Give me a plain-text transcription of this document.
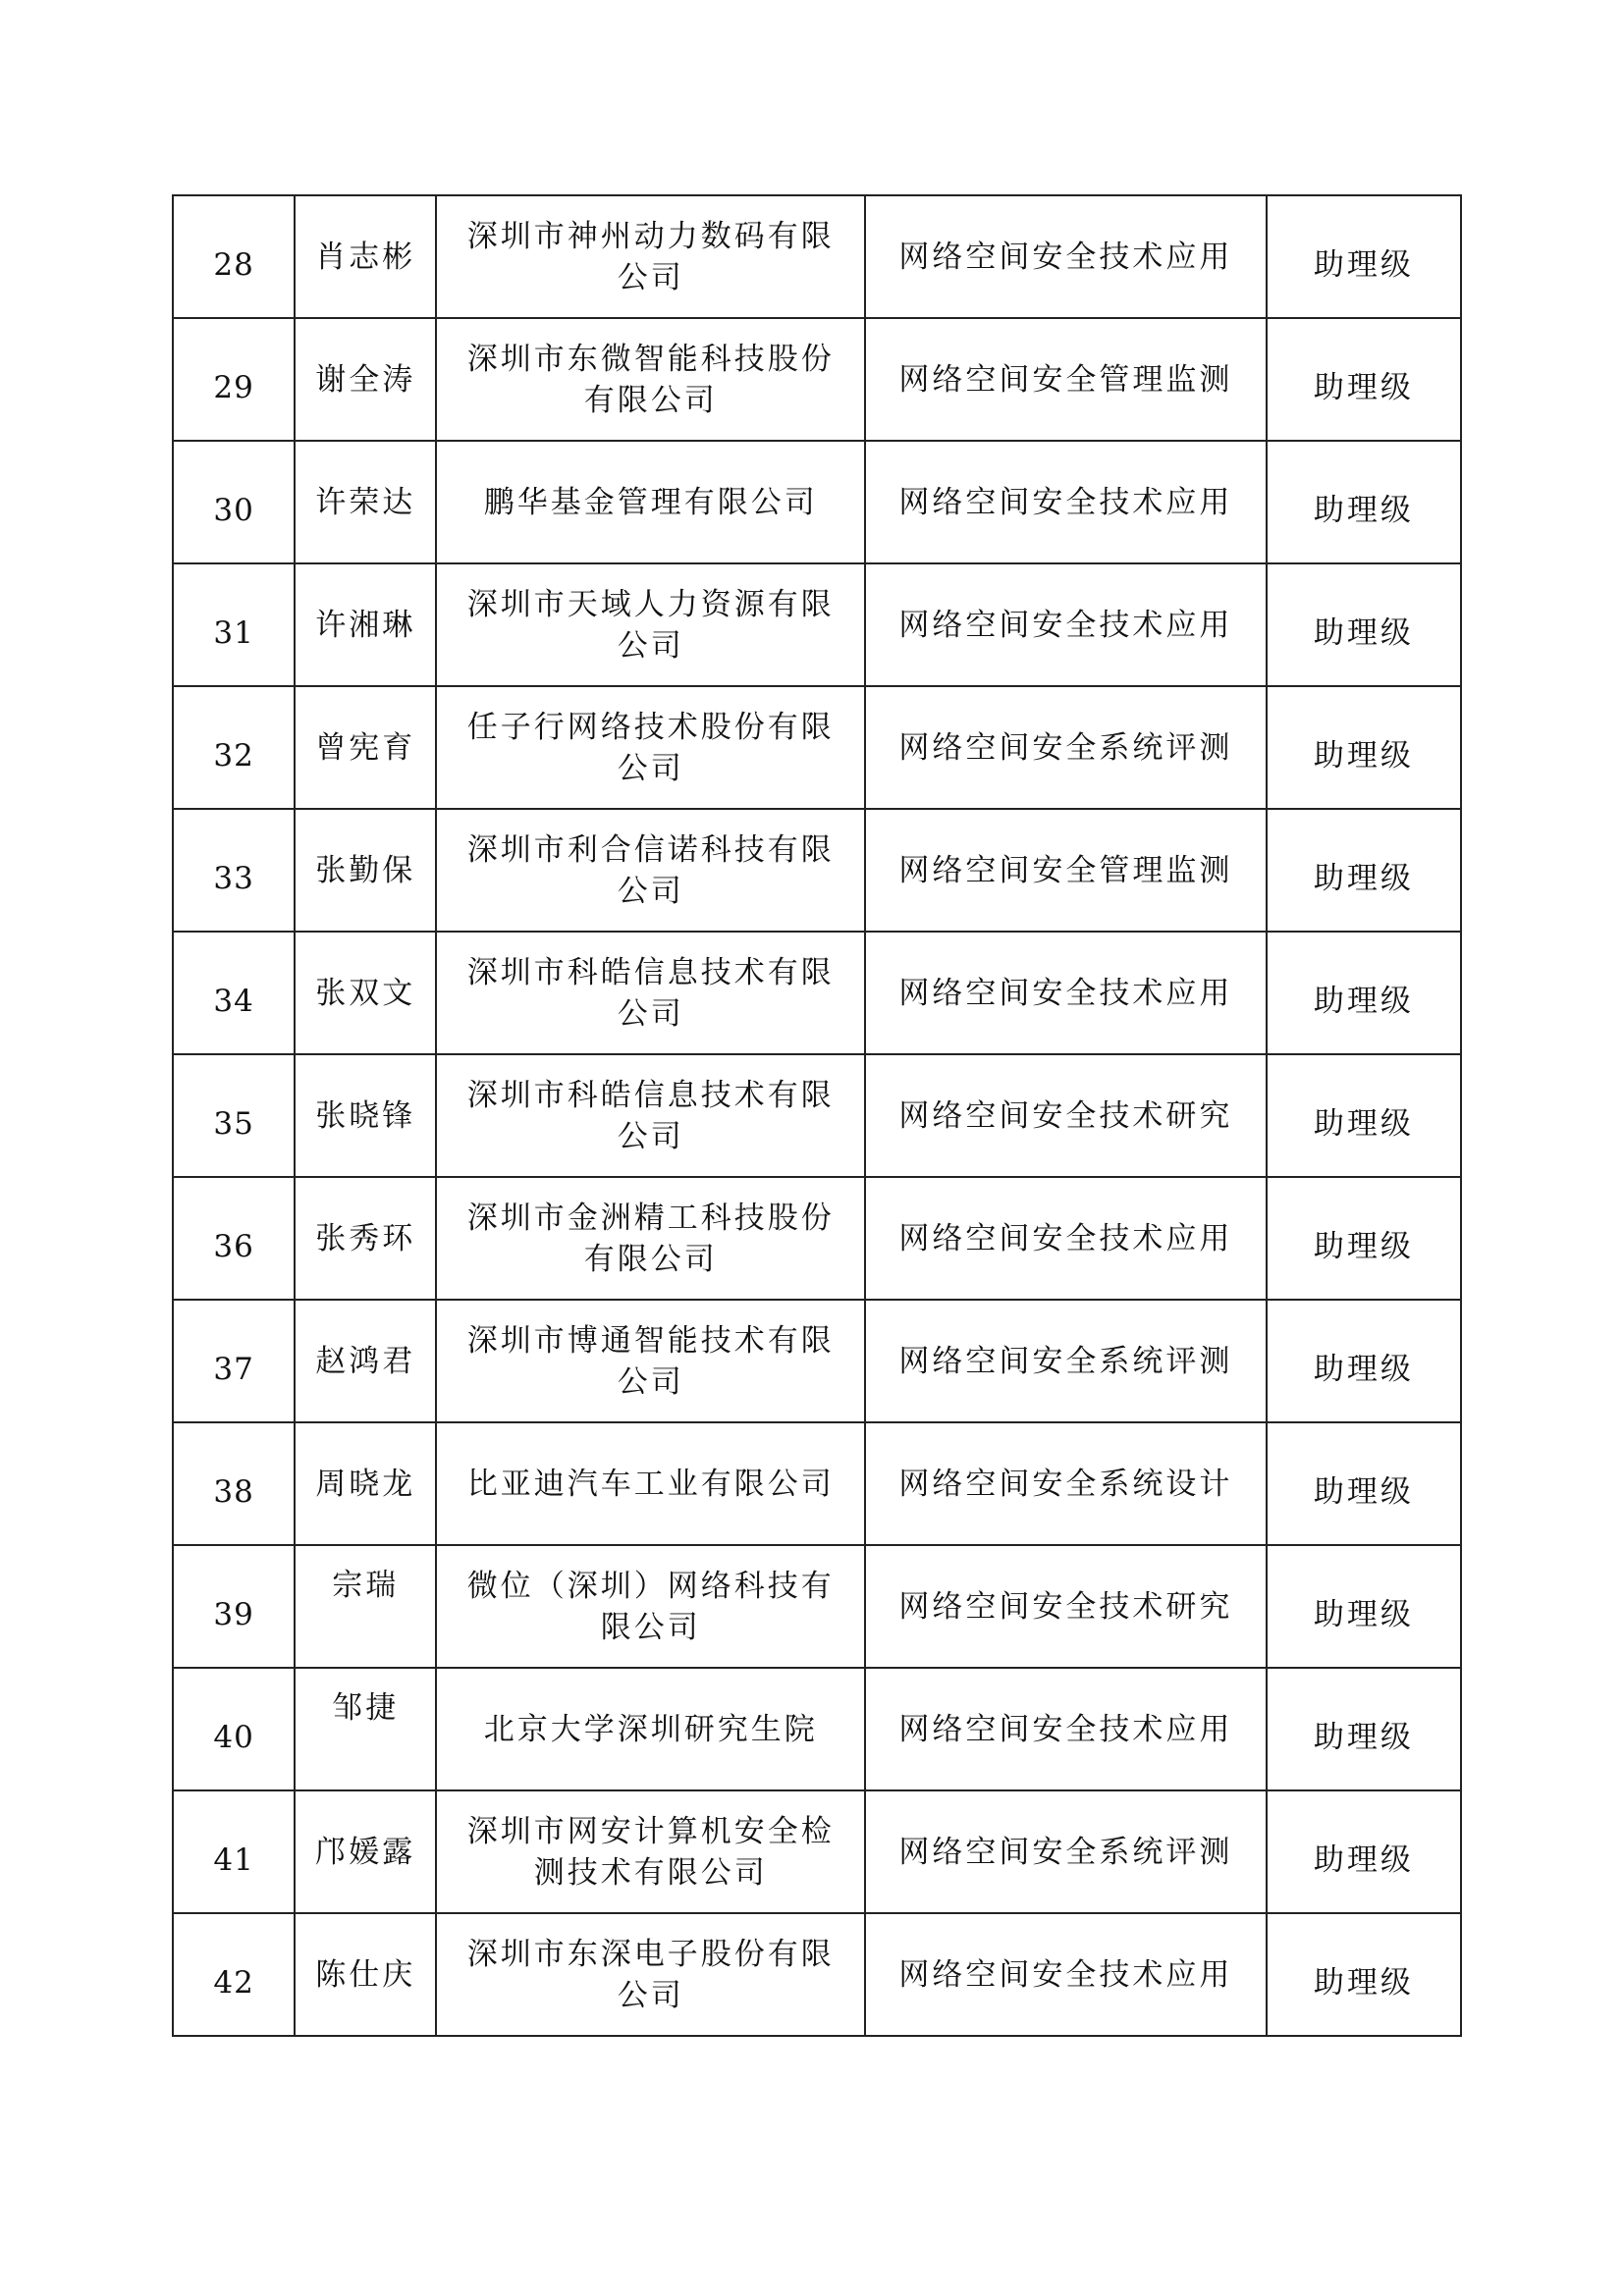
28	肖志彬	深圳市神州动力数码有限公司	网络空间安全技术应用	助理级
29	谢全涛	深圳市东微智能科技股份有限公司	网络空间安全管理监测	助理级
30	许荣达	鹏华基金管理有限公司	网络空间安全技术应用	助理级
31	许湘琳	深圳市天域人力资源有限公司	网络空间安全技术应用	助理级
32	曾宪育	任子行网络技术股份有限公司	网络空间安全系统评测	助理级
33	张勤保	深圳市利合信诺科技有限公司	网络空间安全管理监测	助理级
34	张双文	深圳市科皓信息技术有限公司	网络空间安全技术应用	助理级
35	张晓锋	深圳市科皓信息技术有限公司	网络空间安全技术研究	助理级
36	张秀环	深圳市金洲精工科技股份有限公司	网络空间安全技术应用	助理级
37	赵鸿君	深圳市博通智能技术有限公司	网络空间安全系统评测	助理级
38	周晓龙	比亚迪汽车工业有限公司	网络空间安全系统设计	助理级
39	宗瑞	微位（深圳）网络科技有限公司	网络空间安全技术研究	助理级
40	邹捷	北京大学深圳研究生院	网络空间安全技术应用	助理级
41	邝媛露	深圳市网安计算机安全检测技术有限公司	网络空间安全系统评测	助理级
42	陈仕庆	深圳市东深电子股份有限公司	网络空间安全技术应用	助理级
